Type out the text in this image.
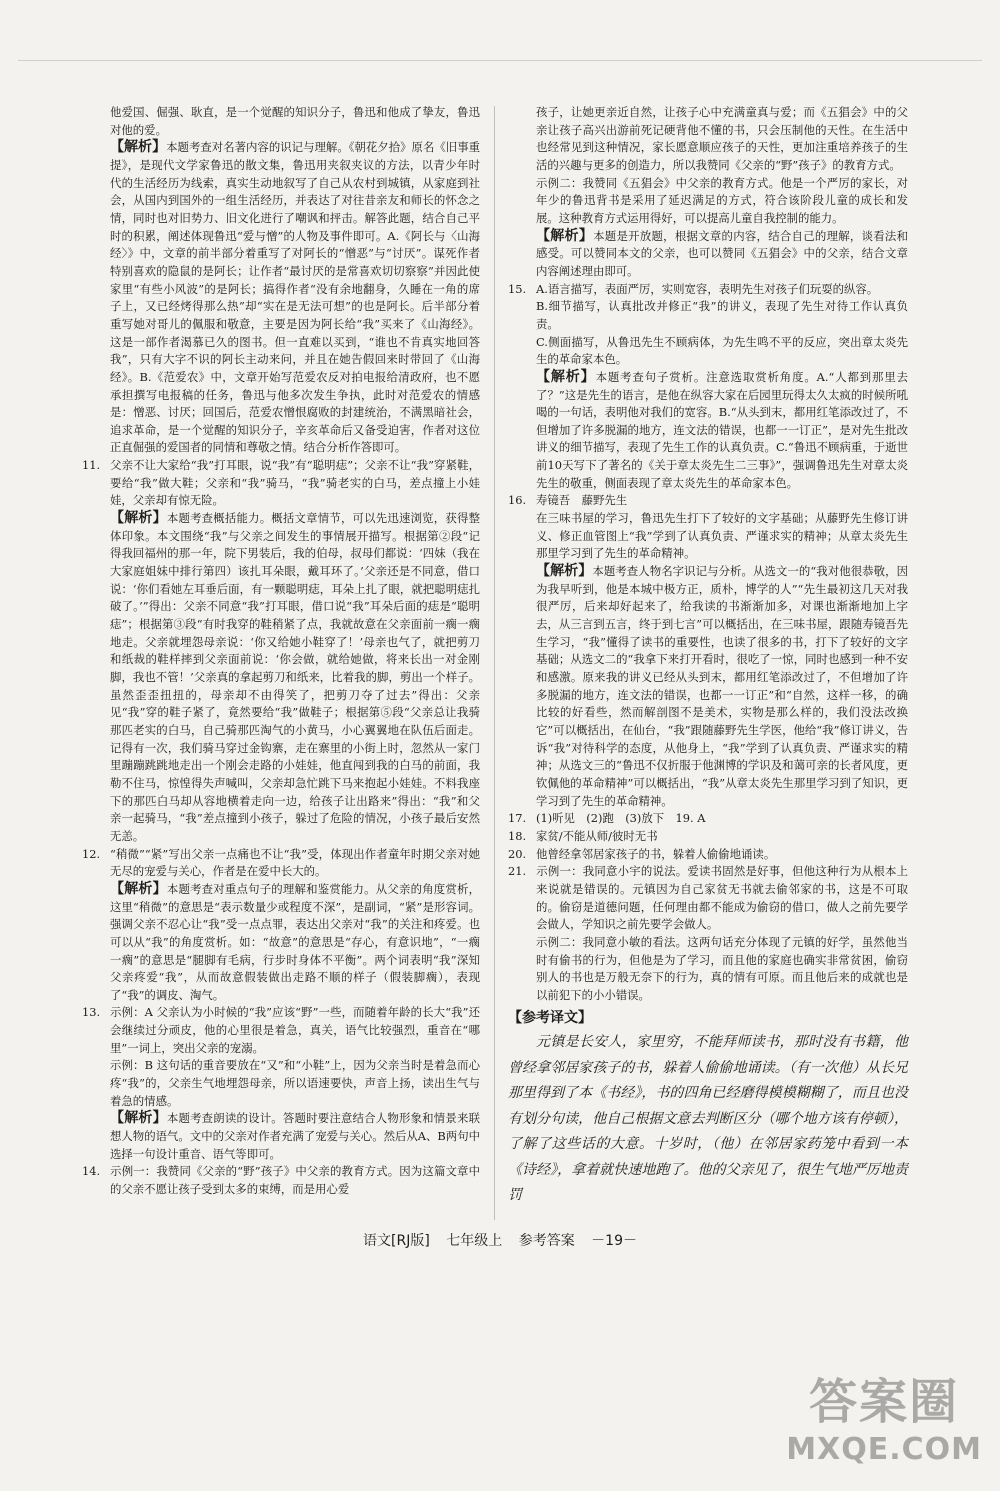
他爱国、倔强、耿直，是一个觉醒的知识分子，鲁迅和他成了挚友，鲁迅对他的爱。

【解析】本题考查对名著内容的识记与理解。《朝花夕拾》原名《旧事重提》，是现代文学家鲁迅的散文集，鲁迅用夹叙夹议的方法，以青少年时代的生活经历为线索，真实生动地叙写了自己从农村到城镇，从家庭到社会，从国内到国外的一组生活经历，并表达了对往昔亲友和师长的怀念之情，同时也对旧势力、旧文化进行了嘲讽和抨击。解答此题，结合自己平时的积累，阐述体现鲁迅“爱与憎”的人物及事件即可。A.《阿长与〈山海经〉》中，文章的前半部分着重写了对阿长的“憎恶”与“讨厌”。谋死作者特别喜欢的隐鼠的是阿长；让作者“最讨厌的是常喜欢切切察察”并因此使家里“有些小风波”的是阿长；搞得作者“没有余地翻身，久睡在一角的席子上，又已经烤得那么热”却“实在是无法可想”的也是阿长。后半部分着重写她对哥儿的佩服和敬意，主要是因为阿长给“我”买来了《山海经》。这是一部作者渴慕已久的图书。但一直难以买到，“谁也不肯真实地回答我”，只有大字不识的阿长主动来问，并且在她告假回来时带回了《山海经》。B.《范爱农》中，文章开始写范爱农反对拍电报给清政府，也不愿承担撰写电报稿的任务，鲁迅与他多次发生争执，此时对范爱农的情感是：憎恶、讨厌；回国后，范爱农憎恨腐败的封建统治，不满黑暗社会，追求革命，是一个觉醒的知识分子，辛亥革命后又备受迫害，作者对这位正直倔强的爱国者的同情和尊敬之情。结合分析作答即可。

11. 父亲不让大家给“我”打耳眼，说“我”有“聪明痣”；父亲不让“我”穿紧鞋，要给“我”做大鞋；父亲和“我”骑马，“我”骑老实的白马，差点撞上小娃娃，父亲却有惊无险。

【解析】本题考查概括能力。概括文章情节，可以先迅速浏览，获得整体印象。本文围绕“我”与父亲之间发生的事情展开描写。根据第②段“记得我回福州的那一年，院下男装后，我的伯母，叔母们都说：‘四妹（我在大家庭姐妹中排行第四）该扎耳朵眼，戴耳环了。’父亲还是不同意，借口说：‘你们看她左耳垂后面，有一颗聪明痣，耳朵上扎了眼，就把聪明痣扎破了。’”得出：父亲不同意“我”打耳眼，借口说“我”耳朵后面的痣是“聪明痣”；根据第③段“有时我穿的鞋稍紧了点，我就故意在父亲面前一瘸一瘸地走。父亲就埋怨母亲说：‘你又给她小鞋穿了！’母亲也气了，就把剪刀和纸裁的鞋样摔到父亲面前说：‘你会做，就给她做，将来长出一对金刚脚，我也不管！’父亲真的拿起剪刀和纸来，比着我的脚，剪出一个样子。虽然歪歪扭扭的，母亲却不由得笑了，把剪刀夺了过去”得出：父亲见“我”穿的鞋子紧了，竟然要给“我”做鞋子；根据第⑤段“父亲总让我骑那匹老实的白马，自己骑那匹淘气的小黄马，小心翼翼地在队伍后面走。记得有一次，我们骑马穿过金钩寨，走在寨里的小街上时，忽然从一家门里蹦蹦跳跳地走出一个刚会走路的小娃娃，他直闯到我的白马的前面，我勒不住马，惊惶得失声喊叫，父亲却急忙跳下马来抱起小娃娃。不料我座下的那匹白马却从容地横着走向一边，给孩子让出路来”得出：“我”和父亲一起骑马，“我”差点撞到小孩子，躲过了危险的情况，小孩子最后安然无恙。

12. “稍微”“紧”写出父亲一点痛也不让“我”受，体现出作者童年时期父亲对她无尽的宠爱与关心，作者是在爱中长大的。

【解析】本题考查对重点句子的理解和鉴赏能力。从父亲的角度赏析，这里“稍微”的意思是“表示数量少或程度不深”，是副词，“紧”是形容词。强调父亲不忍心让“我”受一点点罪，表达出父亲对“我”的关注和疼爱。也可以从“我”的角度赏析。如：“故意”的意思是“存心，有意识地”，“一瘸一瘸”的意思是“腿脚有毛病，行步时身体不平衡”。两个词表明“我”深知父亲疼爱“我”，从而故意假装做出走路不顺的样子（假装脚瘸），表现了“我”的调皮、淘气。

13. 示例：A 父亲认为小时候的“我”应该“野”一些，而随着年龄的长大“我”还会继续过分顽皮，他的心里很是着急，真关，语气比较强烈，重音在“哪里”一词上，突出父亲的宠溺。

示例：B 这句话的重音要放在“又”和“小鞋”上，因为父亲当时是着急而心疼“我”的，父亲生气地埋怨母亲，所以语速要快，声音上扬，读出生气与着急的情感。

【解析】本题考查朗读的设计。答题时要注意结合人物形象和情景来联想人物的语气。文中的父亲对作者充满了宠爱与关心。然后从A、B两句中选择一句设计重音、语气等即可。

14. 示例一：我赞同《父亲的“野”孩子》中父亲的教育方式。因为这篇文章中的父亲不愿让孩子受到太多的束缚，而是用心爱

孩子，让她更亲近自然，让孩子心中充满童真与爱；而《五猖会》中的父亲让孩子高兴出游前死记硬背他不懂的书，只会压制他的天性。在生活中也经常见到这种情况，家长愿意顺应孩子的天性，更加注重培养孩子的生活的兴趣与更多的创造力，所以我赞同《父亲的“野”孩子》的教育方式。

示例二：我赞同《五猖会》中父亲的教育方式。他是一个严厉的家长，对年少的鲁迅背书是采用了延迟满足的方式，符合该阶段儿童的成长和发展。这种教育方式运用得好，可以提高儿童自我控制的能力。

【解析】本题是开放题，根据文章的内容，结合自己的理解，谈看法和感受。可以赞同本文的父亲，也可以赞同《五猖会》中的父亲，结合文章内容阐述理由即可。

15. A.语言描写，表面严厉，实则宽容，表明先生对孩子们玩耍的纵容。

B.细节描写，认真批改并修正“我”的讲义，表现了先生对待工作认真负责。

C.侧面描写，从鲁迅先生不顾病体，为先生鸣不平的反应，突出章太炎先生的革命家本色。

【解析】本题考查句子赏析。注意选取赏析角度。A.“人都到那里去了？”这是先生的语言，是他在纵容大家在后园里玩得太久太疯的时候所吼喝的一句话，表明他对我们的宽容。B.“从头到末，都用红笔添改过了，不但增加了许多脱漏的地方，连文法的错误，也都一一订正”，是对先生批改讲义的细节描写，表现了先生工作的认真负责。C.“鲁迅不顾病重，于逝世前10天写下了著名的《关于章太炎先生二三事》”，强调鲁迅先生对章太炎先生的敬重，侧面表现了章太炎先生的革命家本色。

16. 寿镜吾　藤野先生

在三味书屋的学习，鲁迅先生打下了较好的文字基础；从藤野先生修订讲义、修正血管图上“我”学到了认真负责、严谨求实的精神；从章太炎先生那里学习到了先生的革命精神。

【解析】本题考查人物名字识记与分析。从选文一的“我对他很恭敬，因为我早听到，他是本城中极方正，质朴，博学的人”“先生最初这几天对我很严厉，后来却好起来了，给我读的书渐渐加多，对课也渐渐地加上字去，从三言到五言，终于到七言”可以概括出，在三味书屋，跟随寿镜吾先生学习，“我”懂得了读书的重要性，也读了很多的书，打下了较好的文字基础；从选文二的“我拿下来打开看时，很吃了一惊，同时也感到一种不安和感激。原来我的讲义已经从头到末，都用红笔添改过了，不但增加了许多脱漏的地方，连文法的错误，也都一一订正”和“自然，这样一移，的确比较的好看些，然而解剖图不是美术，实物是那么样的，我们没法改换它”可以概括出，在仙台，“我”跟随藤野先生学医，他给“我”修订讲义，告诉“我”对待科学的态度，从他身上，“我”学到了认真负责、严谨求实的精神；从选文三的“鲁迅不仅折服于他渊博的学识及和蔼可亲的长者风度，更钦佩他的革命精神”可以概括出，“我”从章太炎先生那里学习到了知识，更学习到了先生的革命精神。

17. (1)听见　(2)跑　(3)放下　19. A

18. 家贫/不能从师/彼时无书

20. 他曾经拿邻居家孩子的书，躲着人偷偷地诵读。

21. 示例一：我同意小宇的说法。爱读书固然是好事，但他这种行为从根本上来说就是错误的。元镇因为自己家贫无书就去偷邻家的书，这是不可取的。偷窃是道德问题，任何理由都不能成为偷窃的借口，做人之前先要学会做人，学知识之前先要学会做人。

示例二：我同意小敏的看法。这两句话充分体现了元镇的好学，虽然他当时有偷书的行为，但他是为了学习，而且他的家庭也确实非常贫困，偷窃别人的书也是万般无奈下的行为，真的情有可原。而且他后来的成就也是以前犯下的小小错误。

【参考译文】

元镇是长安人，家里穷，不能拜师读书，那时没有书籍，他曾经拿邻居家孩子的书，躲着人偷偷地诵读。（有一次他）从长兄那里得到了本《书经》，书的四角已经磨得模模糊糊了，而且也没有划分句读，他自己根据文意去判断区分（哪个地方该有停顿），了解了这些话的大意。十岁时，（他）在邻居家药笼中看到一本《诗经》，拿着就快速地跑了。他的父亲见了，很生气地严厉地责罚

语文[RJ版] 七年级上 参考答案 －19－
答案圈
MXQE.COM
